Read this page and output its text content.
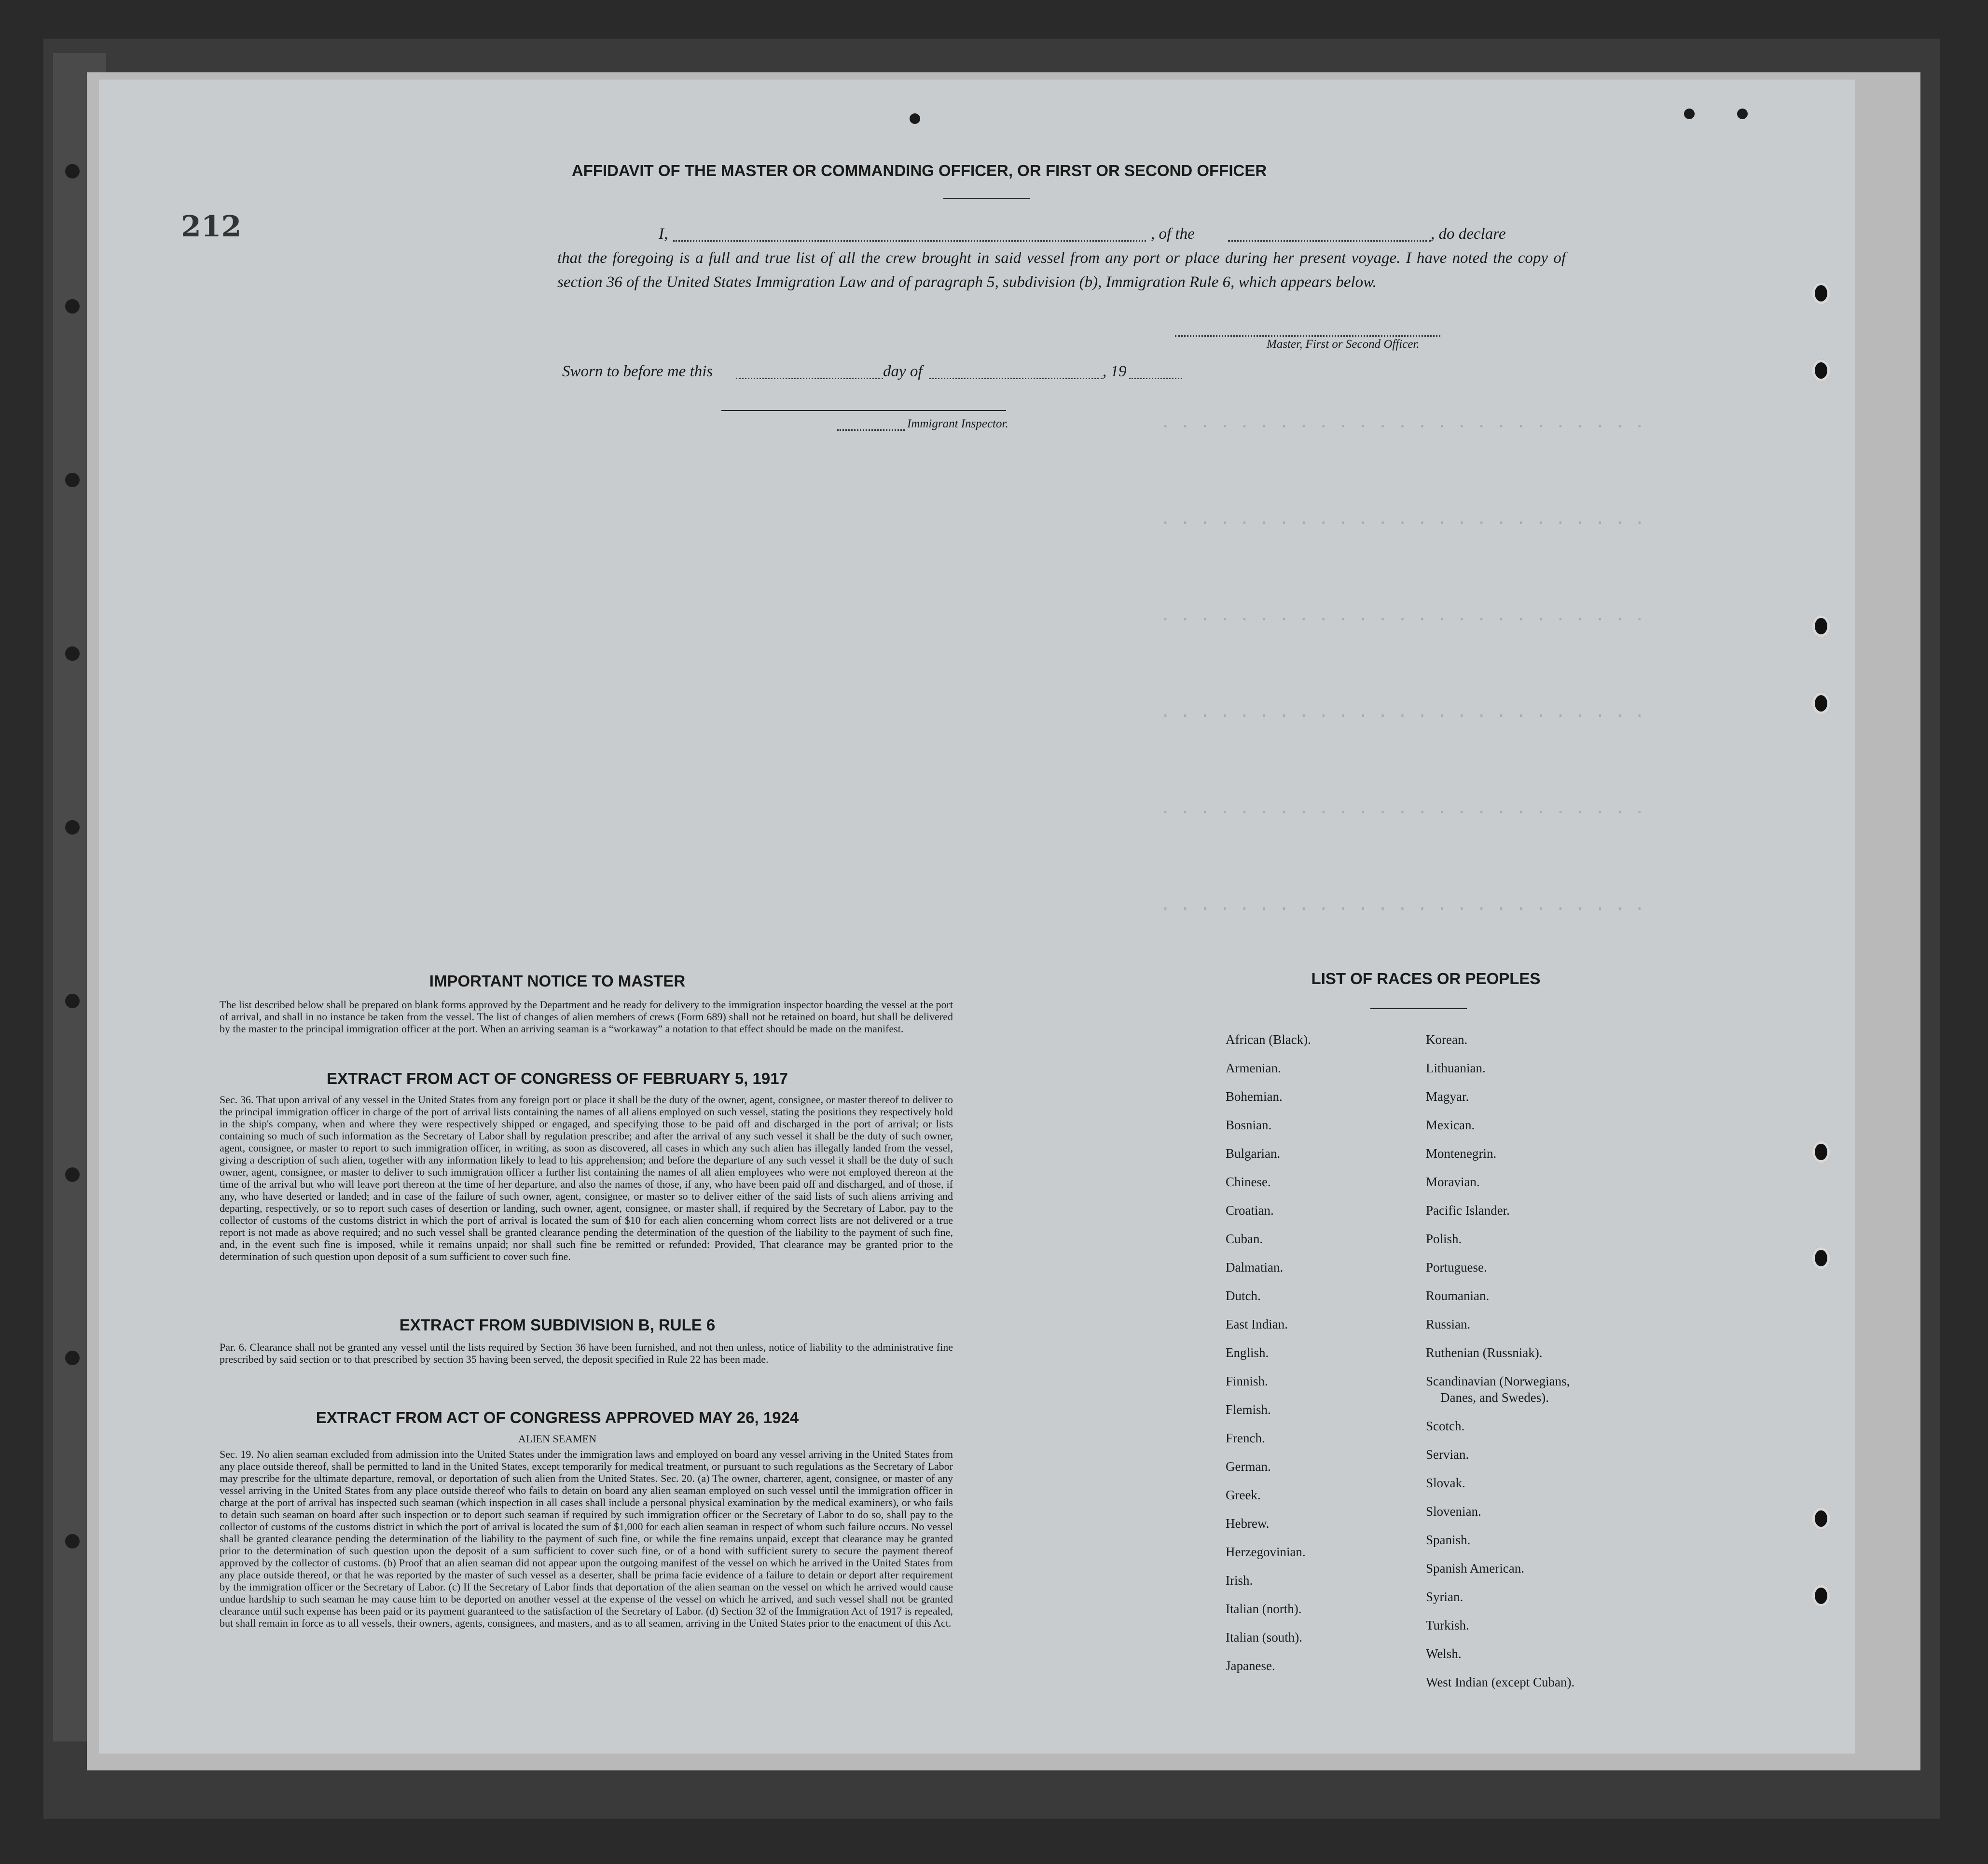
. . . . . . . . . . . . . . . . . . . . . . . . .
. . . . . . . . . . . . . . . . . . . . . . . . .
. . . . . . . . . . . . . . . . . . . . . . . . .
. . . . . . . . . . . . . . . . . . . . . . . . .
. . . . . . . . . . . . . . . . . . . . . . . . .
. . . . . . . . . . . . . . . . . . . . . . . . .
212
AFFIDAVIT OF THE MASTER OR COMMANDING OFFICER, OR FIRST OR SECOND OFFICER
I,	, of the	, do declare
that the foregoing is a full and true list of all the crew brought in said vessel from any port or place during her present voyage. I have noted the copy of section 36 of the United States Immigration Law and of paragraph 5, subdivision (b), Immigration Rule 6, which appears below.
Master, First or Second Officer.
Sworn to before me this	day of	, 19
Immigrant Inspector.
IMPORTANT NOTICE TO MASTER
The list described below shall be prepared on blank forms approved by the Department and be ready for delivery to the immigration inspector boarding the vessel at the port of arrival, and shall in no instance be taken from the vessel. The list of changes of alien members of crews (Form 689) shall not be retained on board, but shall be delivered by the master to the principal immigration officer at the port. When an arriving seaman is a “workaway” a notation to that effect should be made on the manifest.
EXTRACT FROM ACT OF CONGRESS OF FEBRUARY 5, 1917
Sec. 36. That upon arrival of any vessel in the United States from any foreign port or place it shall be the duty of the owner, agent, consignee, or master thereof to deliver to the principal immigration officer in charge of the port of arrival lists containing the names of all aliens employed on such vessel, stating the positions they respectively hold in the ship's company, when and where they were respectively shipped or engaged, and specifying those to be paid off and discharged in the port of arrival; or lists containing so much of such information as the Secretary of Labor shall by regulation prescribe; and after the arrival of any such vessel it shall be the duty of such owner, agent, consignee, or master to report to such immigration officer, in writing, as soon as discovered, all cases in which any such alien has illegally landed from the vessel, giving a description of such alien, together with any information likely to lead to his apprehension; and before the departure of any such vessel it shall be the duty of such owner, agent, consignee, or master to deliver to such immigration officer a further list containing the names of all alien employees who were not employed thereon at the time of the arrival but who will leave port thereon at the time of her departure, and also the names of those, if any, who have been paid off and discharged, and of those, if any, who have deserted or landed; and in case of the failure of such owner, agent, consignee, or master so to deliver either of the said lists of such aliens arriving and departing, respectively, or so to report such cases of desertion or landing, such owner, agent, consignee, or master shall, if required by the Secretary of Labor, pay to the collector of customs of the customs district in which the port of arrival is located the sum of $10 for each alien concerning whom correct lists are not delivered or a true report is not made as above required; and no such vessel shall be granted clearance pending the determination of the question of the liability to the payment of such fine, and, in the event such fine is imposed, while it remains unpaid; nor shall such fine be remitted or refunded: Provided, That clearance may be granted prior to the determination of such question upon deposit of a sum sufficient to cover such fine.
EXTRACT FROM SUBDIVISION B, RULE 6
Par. 6. Clearance shall not be granted any vessel until the lists required by Section 36 have been furnished, and not then unless, notice of liability to the administrative fine prescribed by said section or to that prescribed by section 35 having been served, the deposit specified in Rule 22 has been made.
EXTRACT FROM ACT OF CONGRESS APPROVED MAY 26, 1924
ALIEN SEAMEN
Sec. 19. No alien seaman excluded from admission into the United States under the immigration laws and employed on board any vessel arriving in the United States from any place outside thereof, shall be permitted to land in the United States, except temporarily for medical treatment, or pursuant to such regulations as the Secretary of Labor may prescribe for the ultimate departure, removal, or deportation of such alien from the United States. Sec. 20. (a) The owner, charterer, agent, consignee, or master of any vessel arriving in the United States from any place outside thereof who fails to detain on board any alien seaman employed on such vessel until the immigration officer in charge at the port of arrival has inspected such seaman (which inspection in all cases shall include a personal physical examination by the medical examiners), or who fails to detain such seaman on board after such inspection or to deport such seaman if required by such immigration officer or the Secretary of Labor to do so, shall pay to the collector of customs of the customs district in which the port of arrival is located the sum of $1,000 for each alien seaman in respect of whom such failure occurs. No vessel shall be granted clearance pending the determination of the liability to the payment of such fine, or while the fine remains unpaid, except that clearance may be granted prior to the determination of such question upon the deposit of a sum sufficient to cover such fine, or of a bond with sufficient surety to secure the payment thereof approved by the collector of customs. (b) Proof that an alien seaman did not appear upon the outgoing manifest of the vessel on which he arrived in the United States from any place outside thereof, or that he was reported by the master of such vessel as a deserter, shall be prima facie evidence of a failure to detain or deport after requirement by the immigration officer or the Secretary of Labor. (c) If the Secretary of Labor finds that deportation of the alien seaman on the vessel on which he arrived would cause undue hardship to such seaman he may cause him to be deported on another vessel at the expense of the vessel on which he arrived, and such vessel shall not be granted clearance until such expense has been paid or its payment guaranteed to the satisfaction of the Secretary of Labor. (d) Section 32 of the Immigration Act of 1917 is repealed, but shall remain in force as to all vessels, their owners, agents, consignees, and masters, and as to all seamen, arriving in the United States prior to the enactment of this Act.
LIST OF RACES OR PEOPLES
African (Black).
Armenian.
Bohemian.
Bosnian.
Bulgarian.
Chinese.
Croatian.
Cuban.
Dalmatian.
Dutch.
East Indian.
English.
Finnish.
Flemish.
French.
German.
Greek.
Hebrew.
Herzegovinian.
Irish.
Italian (north).
Italian (south).
Japanese.
Korean.
Lithuanian.
Magyar.
Mexican.
Montenegrin.
Moravian.
Pacific Islander.
Polish.
Portuguese.
Roumanian.
Russian.
Ruthenian (Russniak).
Scandinavian (Norwegians,
Danes, and Swedes).
Scotch.
Servian.
Slovak.
Slovenian.
Spanish.
Spanish American.
Syrian.
Turkish.
Welsh.
West Indian (except Cuban).
